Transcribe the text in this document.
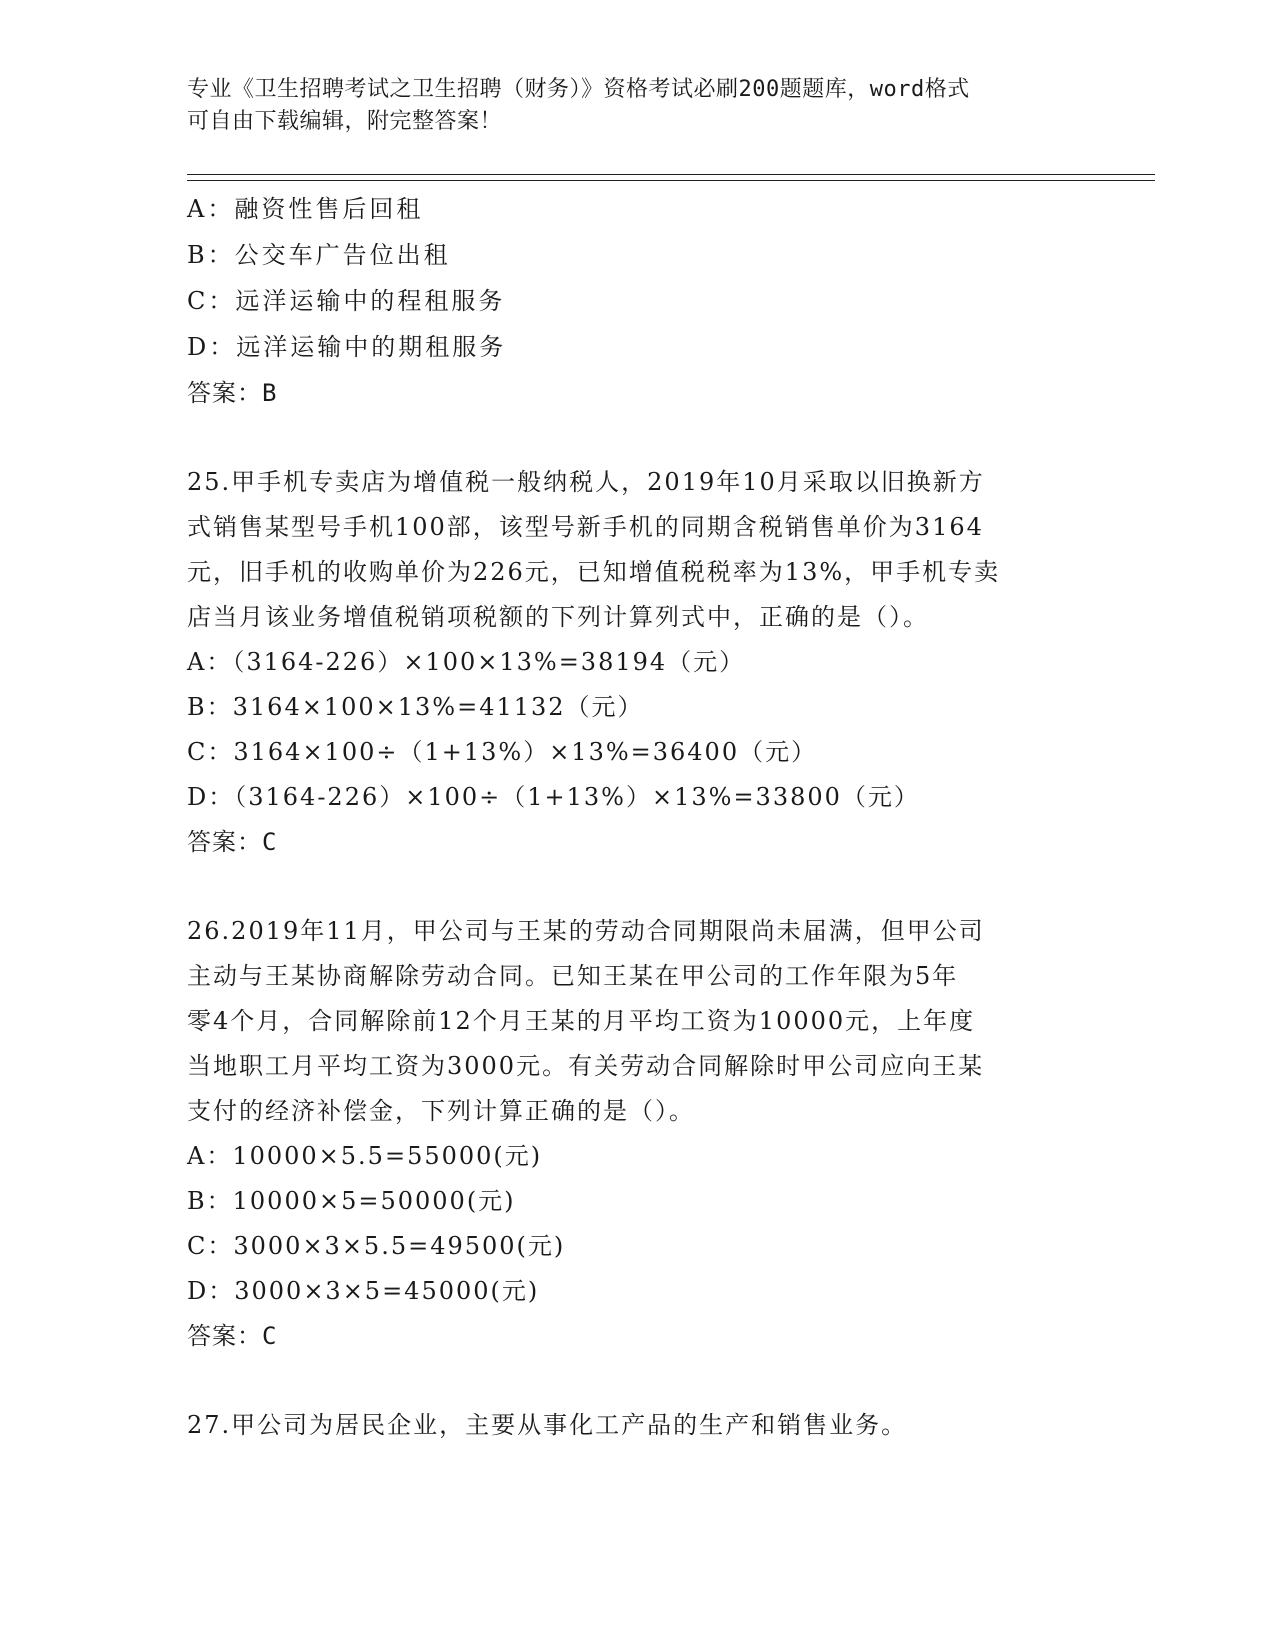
专业《卫生招聘考试之卫生招聘（财务）》资格考试必刷200题题库，word格式
可自由下载编辑，附完整答案！
A：融资性售后回租
B：公交车广告位出租
C：远洋运输中的程租服务
D：远洋运输中的期租服务
答案：B
25.甲手机专卖店为增值税一般纳税人，2019年10月采取以旧换新方
式销售某型号手机100部，该型号新手机的同期含税销售单价为3164
元，旧手机的收购单价为226元，已知增值税税率为13%，甲手机专卖
店当月该业务增值税销项税额的下列计算列式中，正确的是（）。
A：（3164-226）×100×13%=38194（元）
B：3164×100×13%=41132（元）
C：3164×100÷（1+13%）×13%=36400（元）
D：（3164-226）×100÷（1+13%）×13%=33800（元）
答案：C
26.2019年11月，甲公司与王某的劳动合同期限尚未届满，但甲公司
主动与王某协商解除劳动合同。已知王某在甲公司的工作年限为5年
零4个月，合同解除前12个月王某的月平均工资为10000元，上年度
当地职工月平均工资为3000元。有关劳动合同解除时甲公司应向王某
支付的经济补偿金，下列计算正确的是（）。
A：10000×5.5=55000(元)
B：10000×5=50000(元)
C：3000×3×5.5=49500(元)
D：3000×3×5=45000(元)
答案：C
27.甲公司为居民企业，主要从事化工产品的生产和销售业务。
